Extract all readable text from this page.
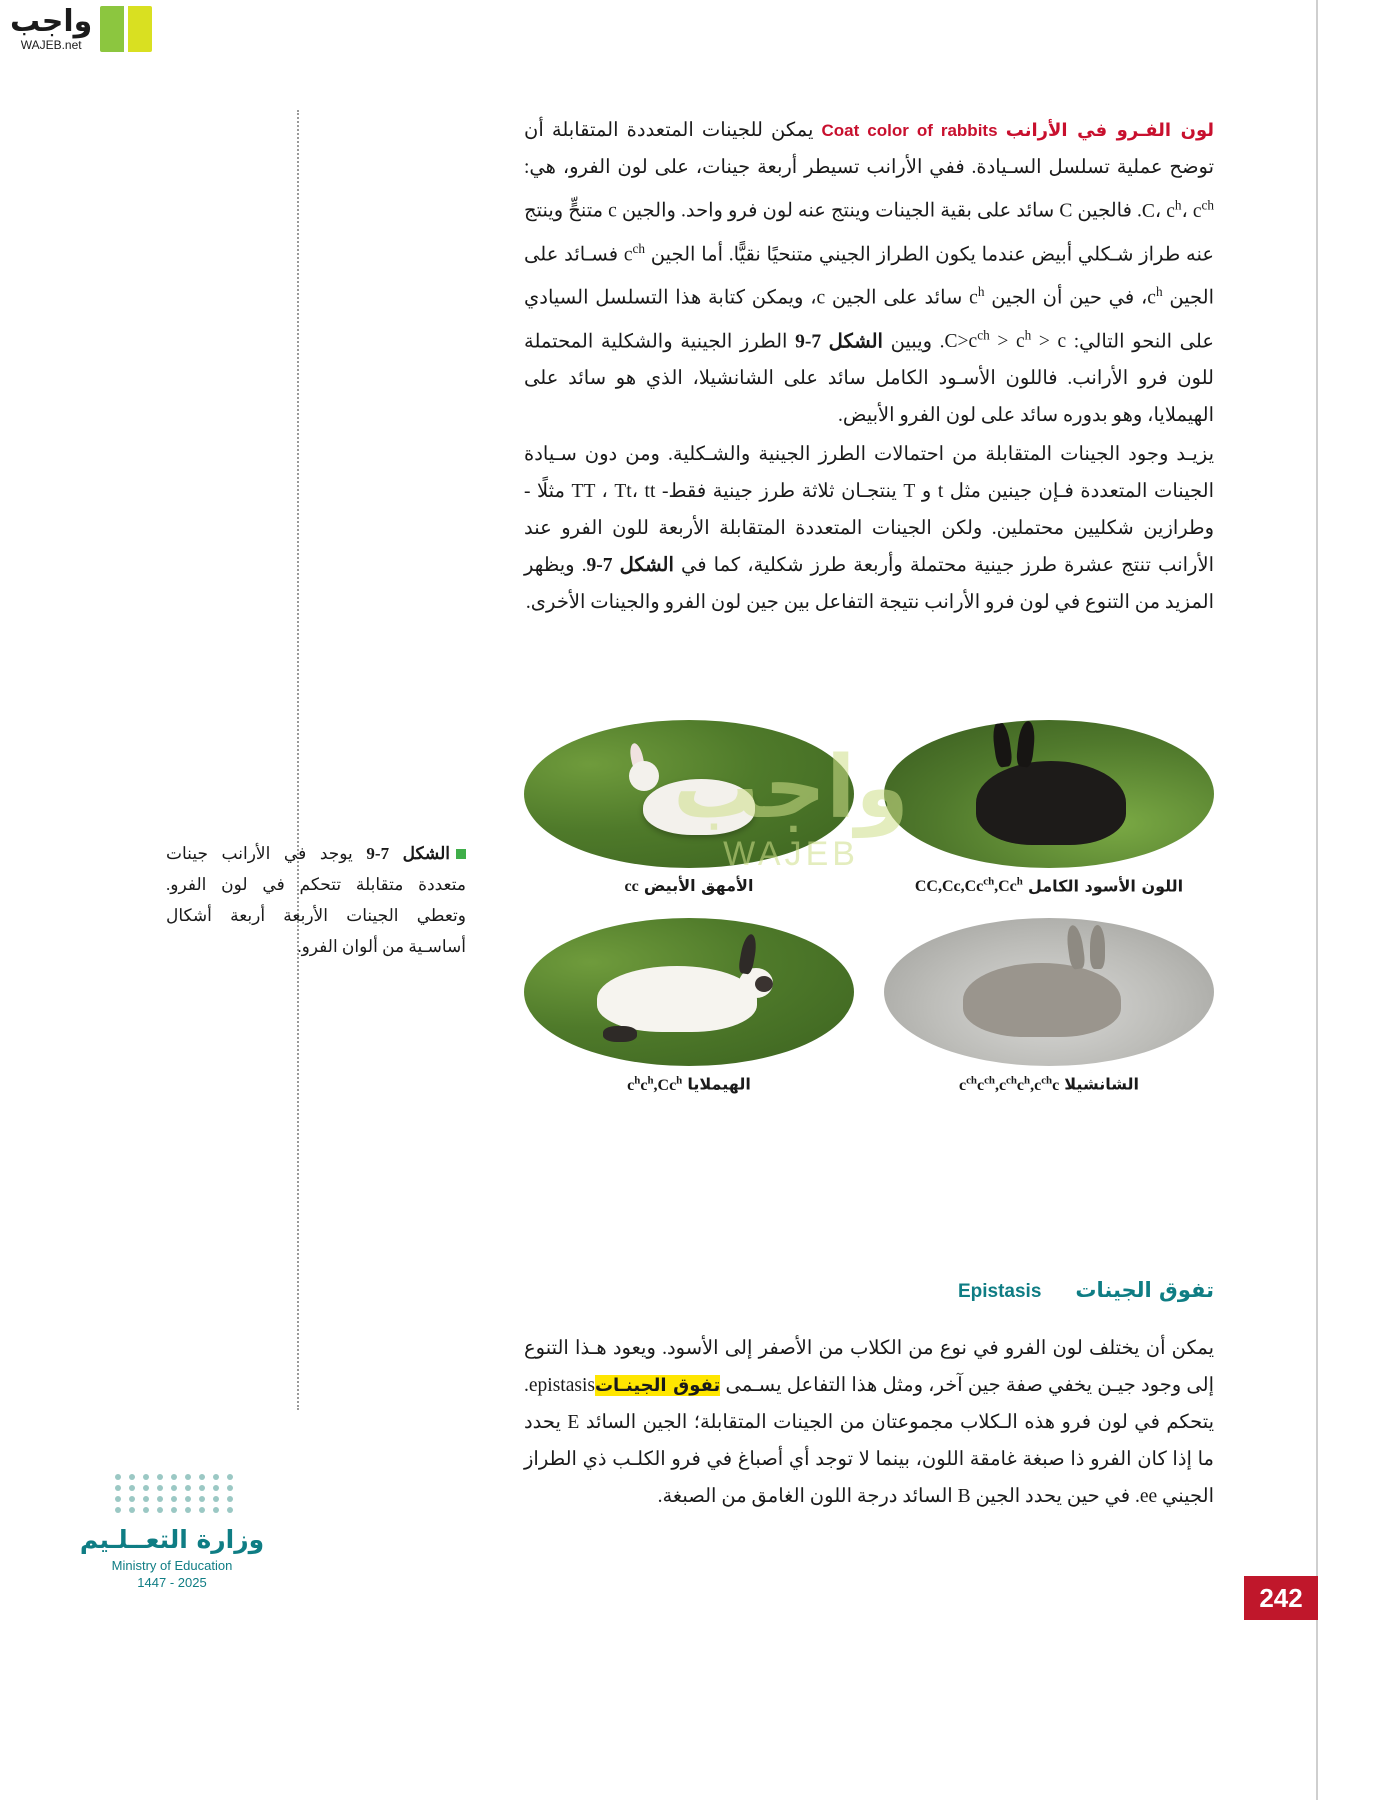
واجب
WAJEB.net

لون الفـرو في الأرانب Coat color of rabbits يمكن للجينات المتعددة المتقابلة أن توضح عملية تسلسل السـيادة. ففي الأرانب تسيطر أربعة جينات، على لون الفرو، هي: C، $c^h،$ $c^{ch}$. فالجين C سائد على بقية الجينات وينتج عنه لون فرو واحد. والجين c متنحٍّ وينتج عنه طراز شـكلي أبيض عندما يكون الطراز الجيني متنحيًا نقيًّا. أما الجين $c^{ch}$ فسـائد على الجين $c^h،$ في حين أن الجين $c^h$ سائد على الجين c، ويمكن كتابة هذا التسلسل السيادي على النحو التالي: $C>c^{ch} > c^h > c$. ويبين الشكل 7-9 الطرز الجينية والشكلية المحتملة للون فرو الأرانب. فاللون الأسـود الكامل سائد على الشانشيلا، الذي هو سائد على الهيملايا، وهو بدوره سائد على لون الفرو الأبيض.

يزيـد وجود الجينات المتقابلة من احتمالات الطرز الجينية والشـكلية. ومن دون سـيادة الجينات المتعددة فـإن جينين مثل t و T ينتجـان ثلاثة طرز جينية فقط- TT ، Tt، tt مثلًا - وطرازين شكليين محتملين. ولكن الجينات المتعددة المتقابلة الأربعة للون الفرو عند الأرانب تنتج عشرة طرز جينية محتملة وأربعة طرز شكلية، كما في الشكل 7-9. ويظهر المزيد من التنوع في لون فرو الأرانب نتيجة التفاعل بين جين لون الفرو والجينات الأخرى.

اللون الأسود الكامل $CC,Cc,Cc^{ch},Cc^h$
الأمهق الأبيض cc
الشانشيلا $c^{ch}c^{ch},c^{ch}c^h,c^{ch}c$
الهيملايا $c^hc^h,Cc^h$
واجب
WAJEB
الشكل 7-9 يوجد في الأرانب جينات متعددة متقابلة تتحكم في لون الفرو. وتعطي الجينات الأربعة أربعة أشكال أساسـية من ألوان الفرو.
تفوق الجينات
Epistasis

يمكن أن يختلف لون الفرو في نوع من الكلاب من الأصفر إلى الأسود. ويعود هـذا التنوع إلى وجود جيـن يخفي صفة جين آخر، ومثل هذا التفاعل يسـمى تفوق الجينـاتepistasis. يتحكم في لون فرو هذه الـكلاب مجموعتان من الجينات المتقابلة؛ الجين السائد E يحدد ما إذا كان الفرو ذا صبغة غامقة اللون، بينما لا توجد أي أصباغ في فرو الكلـب ذي الطراز الجيني ee. في حين يحدد الجين B السائد درجة اللون الغامق من الصبغة.

وزارة التعــلـيم
Ministry of Education
2025 - 1447	242
